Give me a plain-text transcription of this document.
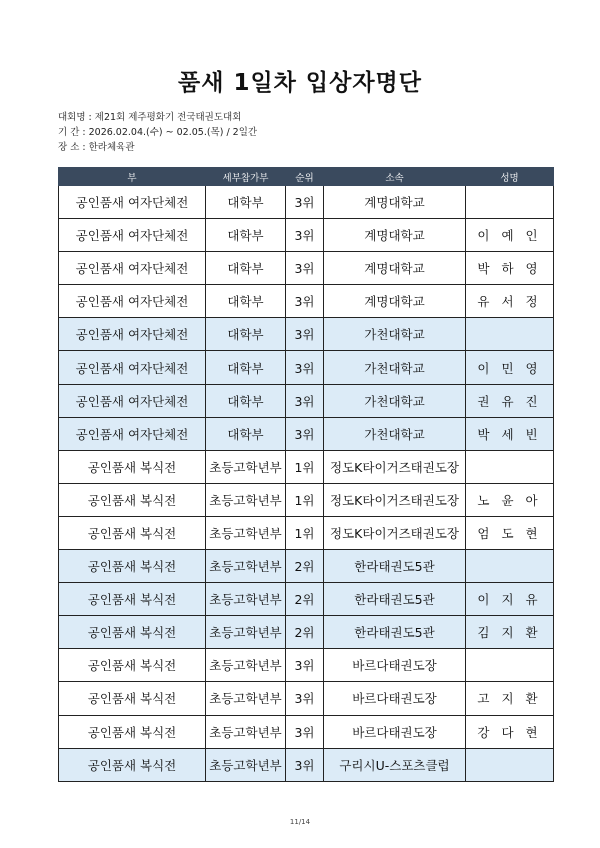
품새 1일차 입상자명단
대회명 : 제21회 제주평화기 전국태권도대회
기 간 : 2026.02.04.(수) ~ 02.05.(목) / 2일간
장 소 : 한라체육관
부	세부참가부	순위	소속	성명
공인품새 여자단체전	대학부	3위	계명대학교	
공인품새 여자단체전	대학부	3위	계명대학교	이 예 인
공인품새 여자단체전	대학부	3위	계명대학교	박 하 영
공인품새 여자단체전	대학부	3위	계명대학교	유 서 정
공인품새 여자단체전	대학부	3위	가천대학교	
공인품새 여자단체전	대학부	3위	가천대학교	이 민 영
공인품새 여자단체전	대학부	3위	가천대학교	권 유 진
공인품새 여자단체전	대학부	3위	가천대학교	박 세 빈
공인품새 복식전	초등고학년부	1위	정도K타이거즈태권도장	
공인품새 복식전	초등고학년부	1위	정도K타이거즈태권도장	노 윤 아
공인품새 복식전	초등고학년부	1위	정도K타이거즈태권도장	엄 도 현
공인품새 복식전	초등고학년부	2위	한라태권도5관	
공인품새 복식전	초등고학년부	2위	한라태권도5관	이 지 유
공인품새 복식전	초등고학년부	2위	한라태권도5관	김 지 환
공인품새 복식전	초등고학년부	3위	바르다태권도장	
공인품새 복식전	초등고학년부	3위	바르다태권도장	고 지 환
공인품새 복식전	초등고학년부	3위	바르다태권도장	강 다 현
공인품새 복식전	초등고학년부	3위	구리시U-스포츠클럽	
11/14
